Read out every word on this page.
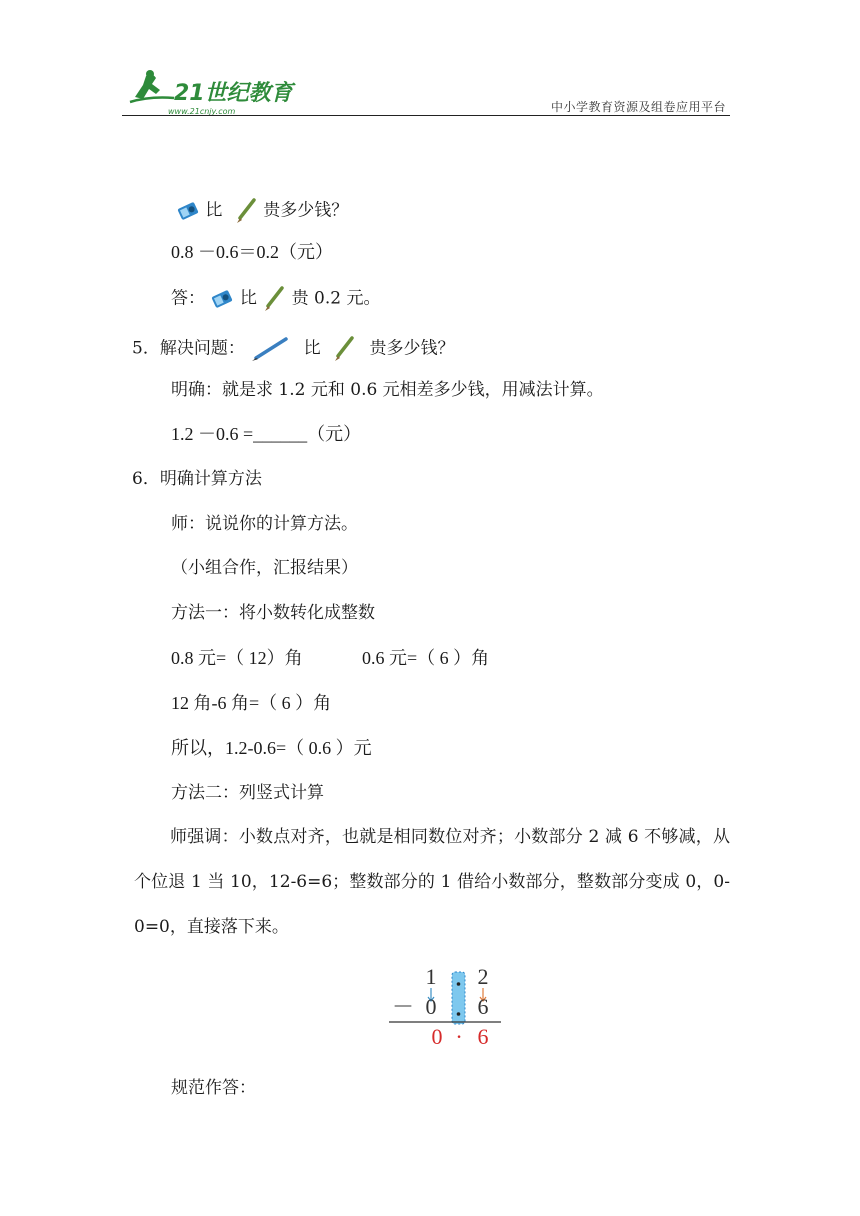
21世纪教育
www.21cnjy.com	中小学教育资源及组卷应用平台
比 贵多少钱？
0.8 －0.6＝0.2（元）
答： 比 贵 0.2 元。
5．解决问题：	比	贵多少钱？
明确：就是求 1.2 元和 0.6 元相差多少钱，用减法计算。
1.2 －0.6 =______（元）
6．明确计算方法
师：说说你的计算方法。
（小组合作，汇报结果）
方法一：将小数转化成整数
0.8 元=（ 12）角	0.6 元=（ 6 ）角
12 角-6 角=（ 6 ）角
所以，1.2-0.6=（ 0.6 ）元
方法二：列竖式计算
师强调：小数点对齐，也就是相同数位对齐；小数部分 2 减 6 不够减，从个位退 1 当 10，12-6=6；整数部分的 1 借给小数部分，整数部分变成 0，0-0=0，直接落下来。
1 2
－ 0 6
0 · 6
规范作答：
